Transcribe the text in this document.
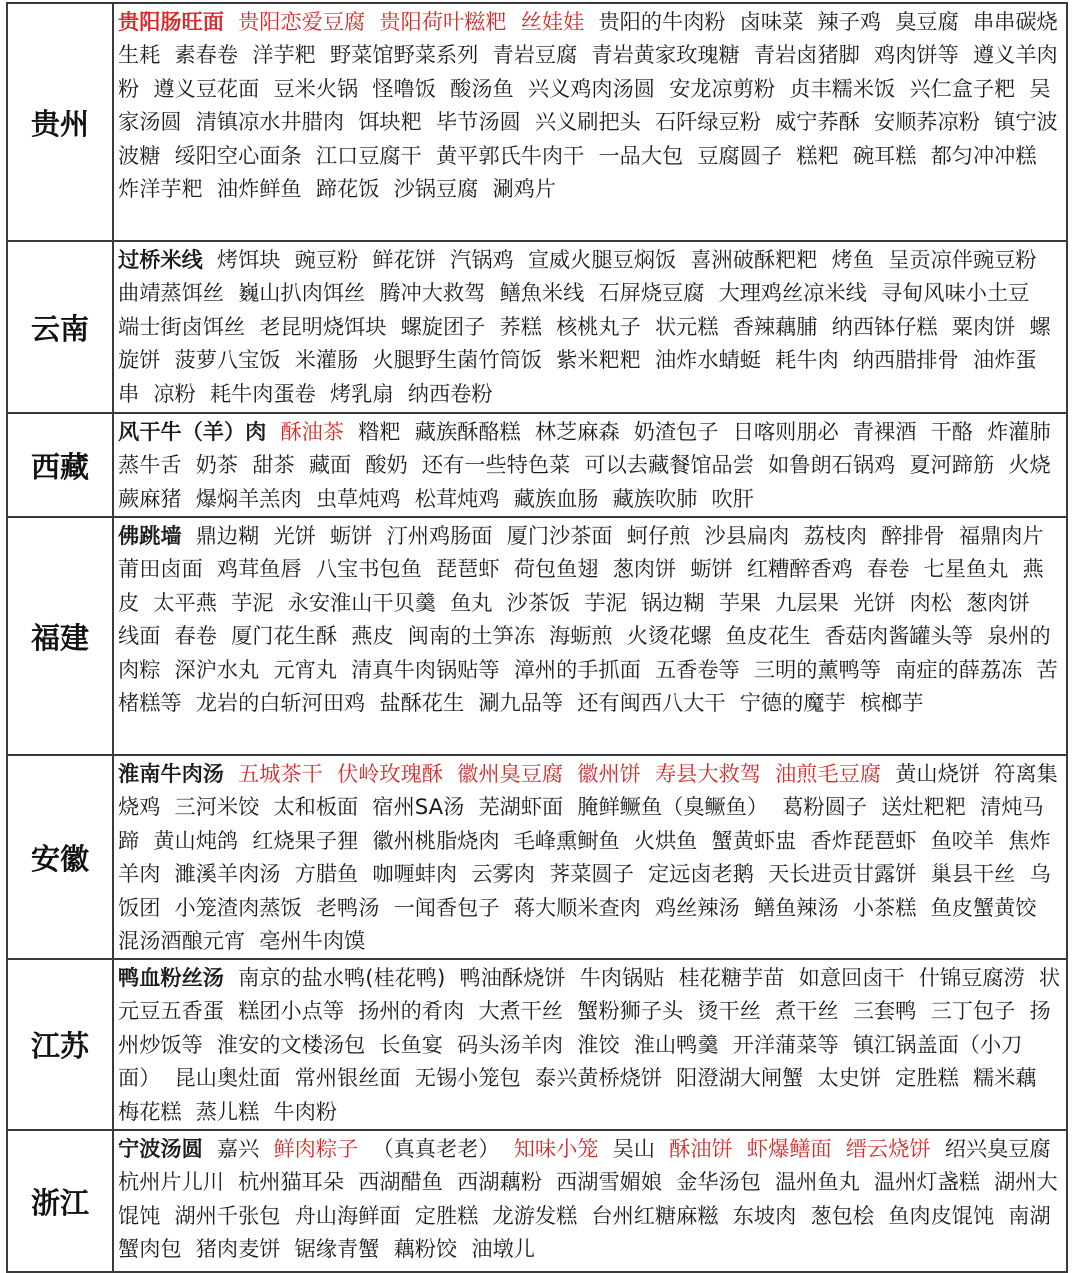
贵州	贵阳肠旺面 贵阳恋爱豆腐 贵阳荷叶糍粑 丝娃娃 贵阳的牛肉粉 卤味菜 辣子鸡 臭豆腐 串串碳烧生耗 素春卷 洋芋粑 野菜馆野菜系列 青岩豆腐 青岩黄家玫瑰糖 青岩卤猪脚 鸡肉饼等 遵义羊肉粉 遵义豆花面 豆米火锅 怪噜饭 酸汤鱼 兴义鸡肉汤圆 安龙凉剪粉 贞丰糯米饭 兴仁盒子粑 吴家汤圆 清镇凉水井腊肉 饵块粑 毕节汤圆 兴义刷把头 石阡绿豆粉 威宁荞酥 安顺荞凉粉 镇宁波波糖 绥阳空心面条 江口豆腐干 黄平郭氏牛肉干 一品大包 豆腐圆子 糕粑 碗耳糕 都匀冲冲糕 炸洋芋粑 油炸鲜鱼 蹄花饭 沙锅豆腐 涮鸡片
云南	过桥米线 烤饵块 豌豆粉 鲜花饼 汽锅鸡 宣威火腿豆焖饭 喜洲破酥粑粑 烤鱼 呈贡凉伴豌豆粉 曲靖蒸饵丝 巍山扒肉饵丝 腾冲大救驾 鳝魚米线 石屏烧豆腐 大理鸡丝凉米线 寻甸风味小土豆 端士街卤饵丝 老昆明烧饵块 螺旋团子 荞糕 核桃丸子 状元糕 香辣藕脯 纳西钵仔糕 粟肉饼 螺旋饼 菠萝八宝饭 米灌肠 火腿野生菌竹筒饭 紫米粑粑 油炸水蜻蜓 耗牛肉 纳西腊排骨 油炸蛋串 凉粉 耗牛肉蛋卷 烤乳扇 纳西卷粉
西藏	风干牛（羊）肉 酥油茶 糌粑 藏族酥酪糕 林芝麻森 奶渣包子 日喀则朋必 青裸酒 干酪 炸灌肺 蒸牛舌 奶茶 甜茶 藏面 酸奶 还有一些特色菜 可以去藏餐馆品尝 如鲁朗石锅鸡 夏河蹄筋 火烧蕨麻猪 爆焖羊羔肉 虫草炖鸡 松茸炖鸡 藏族血肠 藏族吹肺 吹肝
福建	佛跳墙 鼎边糊 光饼 蛎饼 汀州鸡肠面 厦门沙茶面 蚵仔煎 沙县扁肉 荔枝肉 醉排骨 福鼎肉片 莆田卤面 鸡茸鱼唇 八宝书包鱼 琵琶虾 荷包鱼翅 葱肉饼 蛎饼 红糟醉香鸡 春卷 七星鱼丸 燕皮 太平燕 芋泥 永安淮山干贝羹 鱼丸 沙茶饭 芋泥 锅边糊 芋果 九层果 光饼 肉松 葱肉饼 线面 春卷 厦门花生酥 燕皮 闽南的土笋冻 海蛎煎 火烫花螺 鱼皮花生 香菇肉酱罐头等 泉州的肉粽 深沪水丸 元宵丸 清真牛肉锅贴等 漳州的手抓面 五香卷等 三明的薰鸭等 南症的薛荔冻 苦楮糕等 龙岩的白斩河田鸡 盐酥花生 涮九品等 还有闽西八大干 宁德的魔芋 槟榔芋
安徽	淮南牛肉汤 五城茶干 伏岭玫瑰酥 徽州臭豆腐 徽州饼 寿县大救驾 油煎毛豆腐 黄山烧饼 符离集烧鸡 三河米饺 太和板面 宿州SA汤 芜湖虾面 腌鲜鳜鱼（臭鳜鱼） 葛粉圆子 送灶粑粑 清炖马蹄 黄山炖鸽 红烧果子狸 徽州桃脂烧肉 毛峰熏鲥鱼 火烘鱼 蟹黄虾盅 香炸琵琶虾 鱼咬羊 焦炸羊肉 濉溪羊肉汤 方腊鱼 咖喱蚌肉 云雾肉 荠菜圆子 定远卤老鹅 天长进贡甘露饼 巢县干丝 乌饭团 小笼渣肉蒸饭 老鸭汤 一闻香包子 蒋大顺米查肉 鸡丝辣汤 鳝鱼辣汤 小茶糕 鱼皮蟹黄饺 混汤酒酿元宵 亳州牛肉馍
江苏	鸭血粉丝汤 南京的盐水鸭(桂花鸭) 鸭油酥烧饼 牛肉锅贴 桂花糖芋苗 如意回卤干 什锦豆腐涝 状元豆五香蛋 糕团小点等 扬州的肴肉 大煮干丝 蟹粉狮子头 烫干丝 煮干丝 三套鸭 三丁包子 扬州炒饭等 淮安的文楼汤包 长鱼宴 码头汤羊肉 淮饺 淮山鸭羹 开洋蒲菜等 镇江锅盖面（小刀面） 昆山奥灶面 常州银丝面 无锡小笼包 泰兴黄桥烧饼 阳澄湖大闸蟹 太史饼 定胜糕 糯米藕 梅花糕 蒸儿糕 牛肉粉
浙江	宁波汤圆 嘉兴 鲜肉粽子 （真真老老） 知味小笼 吴山 酥油饼 虾爆鳝面 缙云烧饼 绍兴臭豆腐 杭州片儿川 杭州猫耳朵 西湖醋鱼 西湖藕粉 西湖雪媚娘 金华汤包 温州鱼丸 温州灯盏糕 湖州大馄饨 湖州千张包 舟山海鲜面 定胜糕 龙游发糕 台州红糖麻糍 东坡肉 葱包桧 鱼肉皮馄饨 南湖蟹肉包 猪肉麦饼 锯缘青蟹 藕粉饺 油墩儿
